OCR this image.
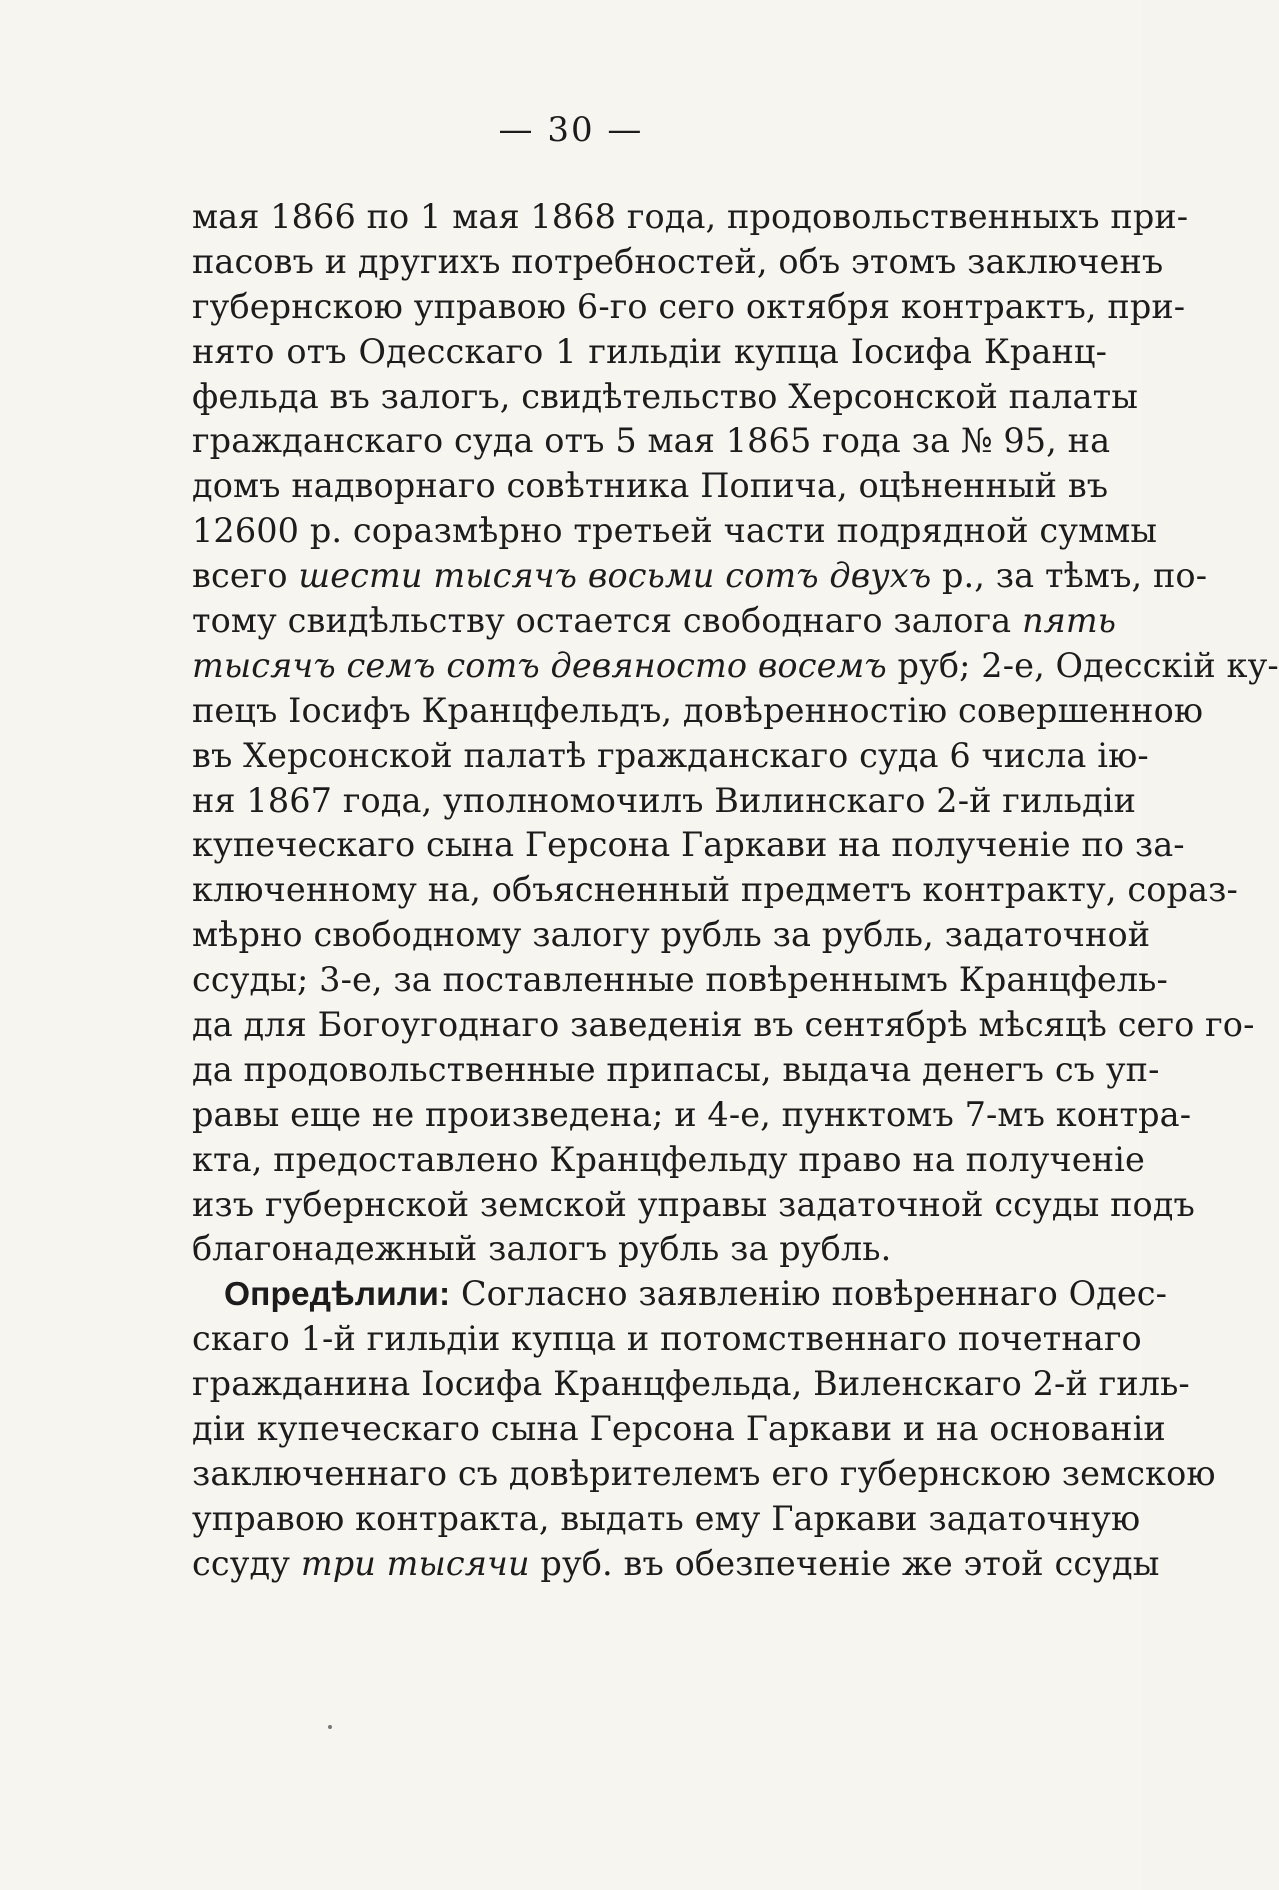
— 30 —
мая 1866 по 1 мая 1868 года, продовольственныхъ при-
пасовъ и другихъ потребностей, объ этомъ заключенъ
губернскою управою 6-го сего октября контрактъ, при-
нято отъ Одесскаго 1 гильдіи купца Іосифа Кранц-
фельда въ залогъ, свидѣтельство Херсонской палаты
гражданскаго суда отъ 5 мая 1865 года за № 95, на
домъ надворнаго совѣтника Попича, оцѣненный въ
12600 р. соразмѣрно третьей части подрядной суммы
всего шести тысячъ восьми сотъ двухъ р., за тѣмъ, по-
тому свидѣльству остается свободнаго залога пять
тысячъ семъ сотъ девяносто восемъ руб; 2-е, Одесскій ку-
пецъ Іосифъ Кранцфельдъ, довѣренностію совершенною
въ Херсонской палатѣ гражданскаго суда 6 числа ію-
ня 1867 года, уполномочилъ Вилинскаго 2-й гильдіи
купеческаго сына Герсона Гаркави на полученіе по за-
ключенному на, объясненный предметъ контракту, сораз-
мѣрно свободному залогу рубль за рубль, задаточной
ссуды; 3-е, за поставленные повѣреннымъ Кранцфель-
да для Богоугоднаго заведенія въ сентябрѣ мѣсяцѣ сего го-
да продовольственные припасы, выдача денегъ съ уп-
равы еще не произведена; и 4-е, пунктомъ 7-мъ контра-
кта, предоставлено Кранцфельду право на полученіе
изъ губернской земской управы задаточной ссуды подъ
благонадежный залогъ рубль за рубль.
Опредѣлили: Согласно заявленію повѣреннаго Одес-
скаго 1-й гильдіи купца и потомственнаго почетнаго
гражданина Іосифа Кранцфельда, Виленскаго 2-й гиль-
діи купеческаго сына Герсона Гаркави и на основаніи
заключеннаго съ довѣрителемъ его губернскою земскою
управою контракта, выдать ему Гаркави задаточную
ссуду три тысячи руб. въ обезпеченіе же этой ссуды
